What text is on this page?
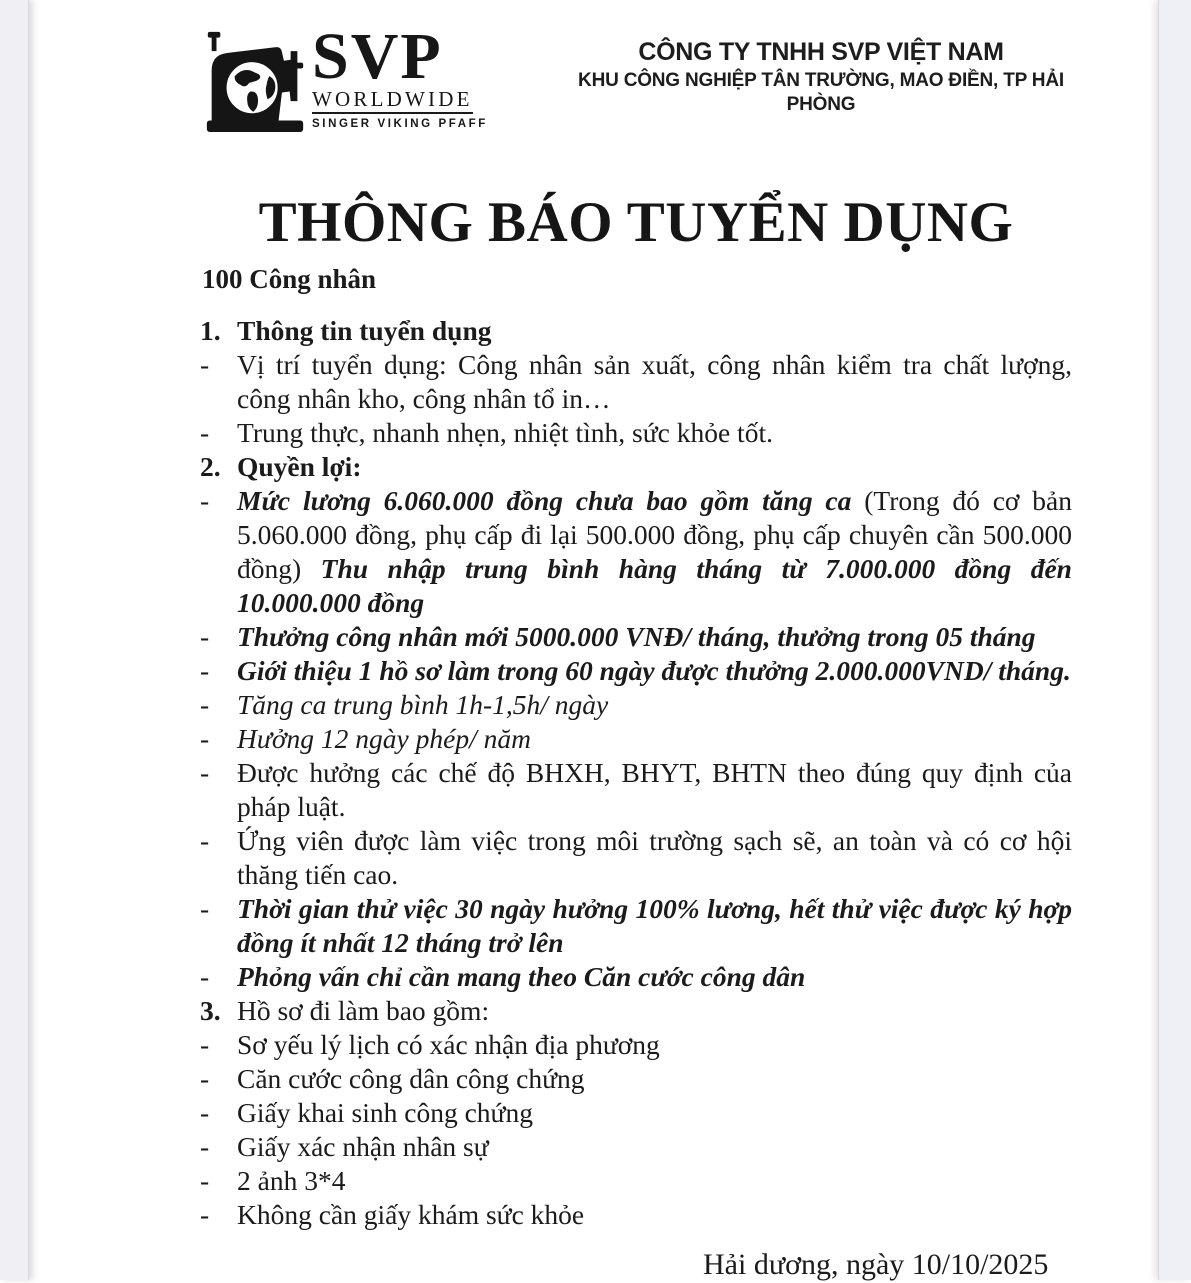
SVP
WORLDWIDE
SINGER VIKING PFAFF
CÔNG TY TNHH SVP VIỆT NAM
KHU CÔNG NGHIỆP TÂN TRƯỜNG, MAO ĐIỀN, TP HẢI PHÒNG
THÔNG BÁO TUYỂN DỤNG
100 Công nhân
1. Thông tin tuyển dụng
- Vị trí tuyển dụng: Công nhân sản xuất, công nhân kiểm tra chất lượng, công nhân kho, công nhân tổ in…
- Trung thực, nhanh nhẹn, nhiệt tình, sức khỏe tốt.
2. Quyền lợi:
- Mức lương 6.060.000 đồng chưa bao gồm tăng ca (Trong đó cơ bản 5.060.000 đồng, phụ cấp đi lại 500.000 đồng, phụ cấp chuyên cần 500.000 đồng) Thu nhập trung bình hàng tháng từ 7.000.000 đồng đến 10.000.000 đồng
- Thưởng công nhân mới 5000.000 VNĐ/ tháng, thưởng trong 05 tháng
- Giới thiệu 1 hồ sơ làm trong 60 ngày được thưởng 2.000.000VND/ tháng.
- Tăng ca trung bình 1h-1,5h/ ngày
- Hưởng 12 ngày phép/ năm
- Được hưởng các chế độ BHXH, BHYT, BHTN theo đúng quy định của pháp luật.
- Ứng viên được làm việc trong môi trường sạch sẽ, an toàn và có cơ hội thăng tiến cao.
- Thời gian thử việc 30 ngày hưởng 100% lương, hết thử việc được ký hợp đồng ít nhất 12 tháng trở lên
- Phỏng vấn chỉ cần mang theo Căn cước công dân
3. Hồ sơ đi làm bao gồm:
- Sơ yếu lý lịch có xác nhận địa phương
- Căn cước công dân công chứng
- Giấy khai sinh công chứng
- Giấy xác nhận nhân sự
- 2 ảnh 3*4
- Không cần giấy khám sức khỏe
Hải dương, ngày 10/10/2025
